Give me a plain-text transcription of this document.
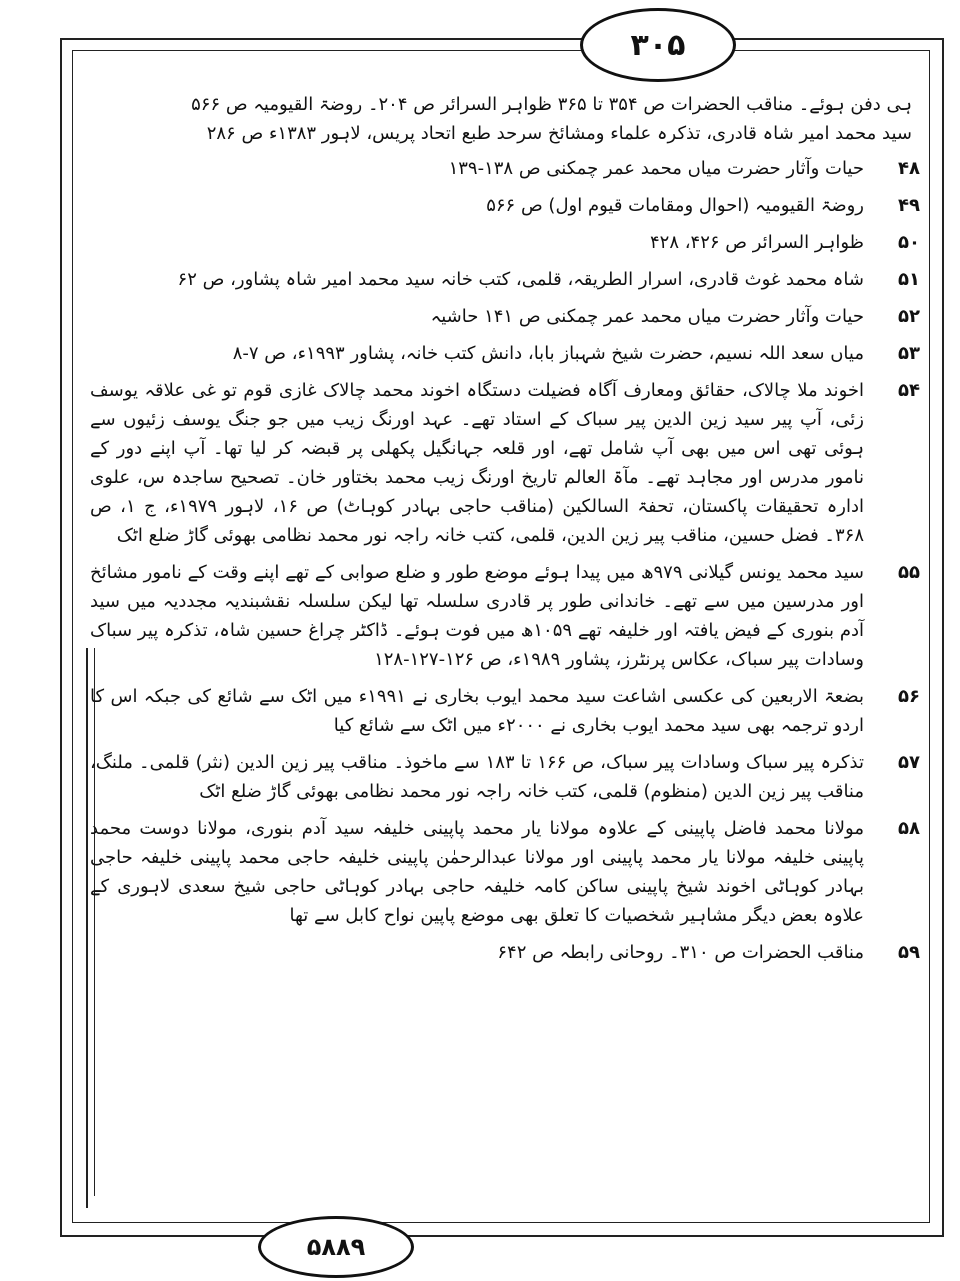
۳۰۵
ہی دفن ہوئے۔ مناقب الحضرات ص ۳۵۴ تا ۳۶۵ ظواہر السرائر ص ۲۰۴۔ روضۃ القیومیہ ص ۵۶۶
سید محمد امیر شاہ قادری، تذکرہ علماء ومشائخ سرحد طبع اتحاد پریس، لاہور ۱۳۸۳ء ص ۲۸۶
۴۸
حیات وآثار حضرت میاں محمد عمر چمکنی ص ۱۳۸-۱۳۹
۴۹
روضۃ القیومیہ (احوال ومقامات قیوم اول) ص ۵۶۶
۵۰
ظواہر السرائر ص ۴۲۶، ۴۲۸
۵۱
شاہ محمد غوث قادری، اسرار الطریقہ، قلمی، کتب خانہ سید محمد امیر شاہ پشاور، ص ۶۲
۵۲
حیات وآثار حضرت میاں محمد عمر چمکنی ص ۱۴۱ حاشیہ
۵۳
میاں سعد اللہ نسیم، حضرت شیخ شہباز بابا، دانش کتب خانہ، پشاور ۱۹۹۳ء، ص ۷-۸
۵۴
اخوند ملا چالاک، حقائق ومعارف آگاہ فضیلت دستگاہ اخوند محمد چالاک غازی قوم تو غی علاقہ یوسف زئی، آپ پیر سید زین الدین پیر سباک کے استاد تھے۔ عہد اورنگ زیب میں جو جنگ یوسف زئیوں سے ہوئی تھی اس میں بھی آپ شامل تھے، اور قلعہ جہانگیل پکھلی پر قبضہ کر لیا تھا۔ آپ اپنے دور کے نامور مدرس اور مجاہد تھے۔ مآۃ العالم تاریخ اورنگ زیب محمد بختاور خان۔ تصحیح ساجدہ س، علوی ادارہ تحقیقات پاکستان، تحفۃ السالکین (مناقب حاجی بہادر کوہاٹ) ص ۱۶، لاہور ۱۹۷۹ء، ج ۱، ص ۳۶۸۔ فضل حسین، مناقب پیر زین الدین، قلمی، کتب خانہ راجہ نور محمد نظامی بھوئی گاڑ ضلع اٹک
۵۵
سید محمد یونس گیلانی ۹۷۹ھ میں پیدا ہوئے موضع طور و ضلع صوابی کے تھے اپنے وقت کے نامور مشائخ اور مدرسین میں سے تھے۔ خاندانی طور پر قادری سلسلہ تھا لیکن سلسلہ نقشبندیہ مجددیہ میں سید آدم بنوری کے فیض یافتہ اور خلیفہ تھے ۱۰۵۹ھ میں فوت ہوئے۔ ڈاکٹر چراغ حسین شاہ، تذکرہ پیر سباک وسادات پیر سباک، عکاس پرنٹرز، پشاور ۱۹۸۹ء، ص ۱۲۶-۱۲۷-۱۲۸
۵۶
بضعۃ الاربعین کی عکسی اشاعت سید محمد ایوب بخاری نے ۱۹۹۱ء میں اٹک سے شائع کی جبکہ اس کا اردو ترجمہ بھی سید محمد ایوب بخاری نے ۲۰۰۰ء میں اٹک سے شائع کیا
۵۷
تذکرہ پیر سباک وسادات پیر سباک، ص ۱۶۶ تا ۱۸۳ سے ماخوذ۔ مناقب پیر زین الدین (نثر) قلمی۔ ملنگ، مناقب پیر زین الدین (منظوم) قلمی، کتب خانہ راجہ نور محمد نظامی بھوئی گاڑ ضلع اٹک
۵۸
مولانا محمد فاضل پاپینی کے علاوہ مولانا یار محمد پاپینی خلیفہ سید آدم بنوری، مولانا دوست محمد پاپینی خلیفہ مولانا یار محمد پاپینی اور مولانا عبدالرحمٰن پاپینی خلیفہ حاجی محمد پاپینی خلیفہ حاجی بہادر کوہاٹی اخوند شیخ پاپینی ساکن کامہ خلیفہ حاجی بہادر کوہاٹی حاجی شیخ سعدی لاہوری کے علاوہ بعض دیگر مشاہیر شخصیات کا تعلق بھی موضع پاپین نواح کابل سے تھا
۵۹
مناقب الحضرات ص ۳۱۰۔ روحانی رابطہ ص ۶۴۲
۵۸۸۹
